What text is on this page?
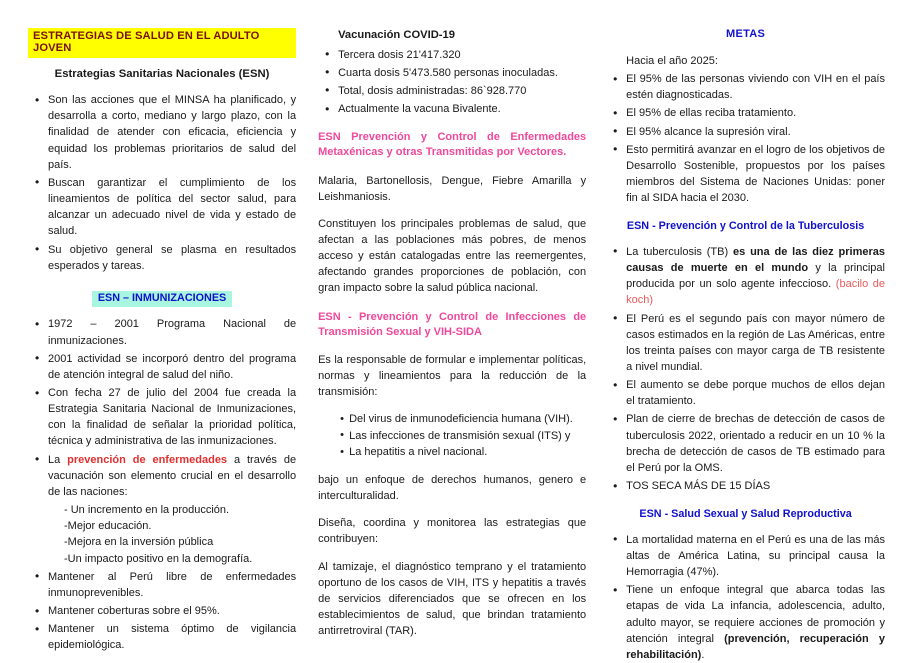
ESTRATEGIAS DE SALUD EN EL ADULTO JOVEN
Estrategias Sanitarias Nacionales (ESN)
• Son las acciones que el MINSA ha planificado, y desarrolla a corto, mediano y largo plazo, con la finalidad de atender con eficacia, eficiencia y equidad los problemas prioritarios de salud del país.
• Buscan garantizar el cumplimiento de los lineamientos de política del sector salud, para alcanzar un adecuado nivel de vida y estado de salud.
• Su objetivo general se plasma en resultados esperados y tareas.
ESN – INMUNIZACIONES
• 1972 – 2001 Programa Nacional de inmunizaciones.
• 2001 actividad se incorporó dentro del programa de atención integral de salud del niño.
• Con fecha 27 de julio del 2004 fue creada la Estrategia Sanitaria Nacional de Inmunizaciones, con la finalidad de señalar la prioridad política, técnica y administrativa de las inmunizaciones.
• La prevención de enfermedades a través de vacunación son elemento crucial en el desarrollo de las naciones:
- Un incremento en la producción.
-Mejor educación.
-Mejora en la inversión pública
-Un impacto positivo en la demografía.
• Mantener al Perú libre de enfermedades inmunoprevenibles.
• Mantener coberturas sobre el 95%.
• Mantener un sistema óptimo de vigilancia epidemiológica.
Vacunación COVID-19
• Tercera dosis 21'417.320
• Cuarta dosis 5'473.580 personas inoculadas.
• Total, dosis administradas: 86`928.770
• Actualmente la vacuna Bivalente.
ESN Prevención y Control de Enfermedades Metaxénicas y otras Transmitidas por Vectores.

Malaria, Bartonellosis, Dengue, Fiebre Amarilla y Leishmaniosis.

Constituyen los principales problemas de salud, que afectan a las poblaciones más pobres, de menos acceso y están catalogadas entre las reemergentes, afectando grandes proporciones de población, con gran impacto sobre la salud pública nacional.

ESN - Prevención y Control de Infecciones de Transmisión Sexual y VIH-SIDA

Es la responsable de formular e implementar políticas, normas y lineamientos para la reducción de la transmisión:

• Del virus de inmunodeficiencia humana (VIH).
• Las infecciones de transmisión sexual (ITS) y
• La hepatitis a nivel nacional.

bajo un enfoque de derechos humanos, genero e interculturalidad.

Diseña, coordina y monitorea las estrategias que contribuyen:

Al tamizaje, el diagnóstico temprano y el tratamiento oportuno de los casos de VIH, ITS y hepatitis a través de servicios diferenciados que se ofrecen en los establecimientos de salud, que brindan tratamiento antirretroviral (TAR).

METAS
Hacia el año 2025:
• El 95% de las personas viviendo con VIH en el país estén diagnosticadas.
• El 95% de ellas reciba tratamiento.
• El 95% alcance la supresión viral.
• Esto permitirá avanzar en el logro de los objetivos de Desarrollo Sostenible, propuestos por los países miembros del Sistema de Naciones Unidas: poner fin al SIDA hacia el 2030.
ESN - Prevención y Control de la Tuberculosis
• La tuberculosis (TB) es una de las diez primeras causas de muerte en el mundo y la principal producida por un solo agente infeccioso. (bacilo de koch)
• El Perú es el segundo país con mayor número de casos estimados en la región de Las Américas, entre los treinta países con mayor carga de TB resistente a nivel mundial.
• El aumento se debe porque muchos de ellos dejan el tratamiento.
• Plan de cierre de brechas de detección de casos de tuberculosis 2022, orientado a reducir en un 10 % la brecha de detección de casos de TB estimado para el Perú por la OMS.
• TOS SECA MÁS DE 15 DÍAS
ESN - Salud Sexual y Salud Reproductiva
• La mortalidad materna en el Perú es una de las más altas de América Latina, su principal causa la Hemorragia (47%).
• Tiene un enfoque integral que abarca todas las etapas de vida La infancia, adolescencia, adulto, adulto mayor, se requiere acciones de promoción y atención integral (prevención, recuperación y rehabilitación).
